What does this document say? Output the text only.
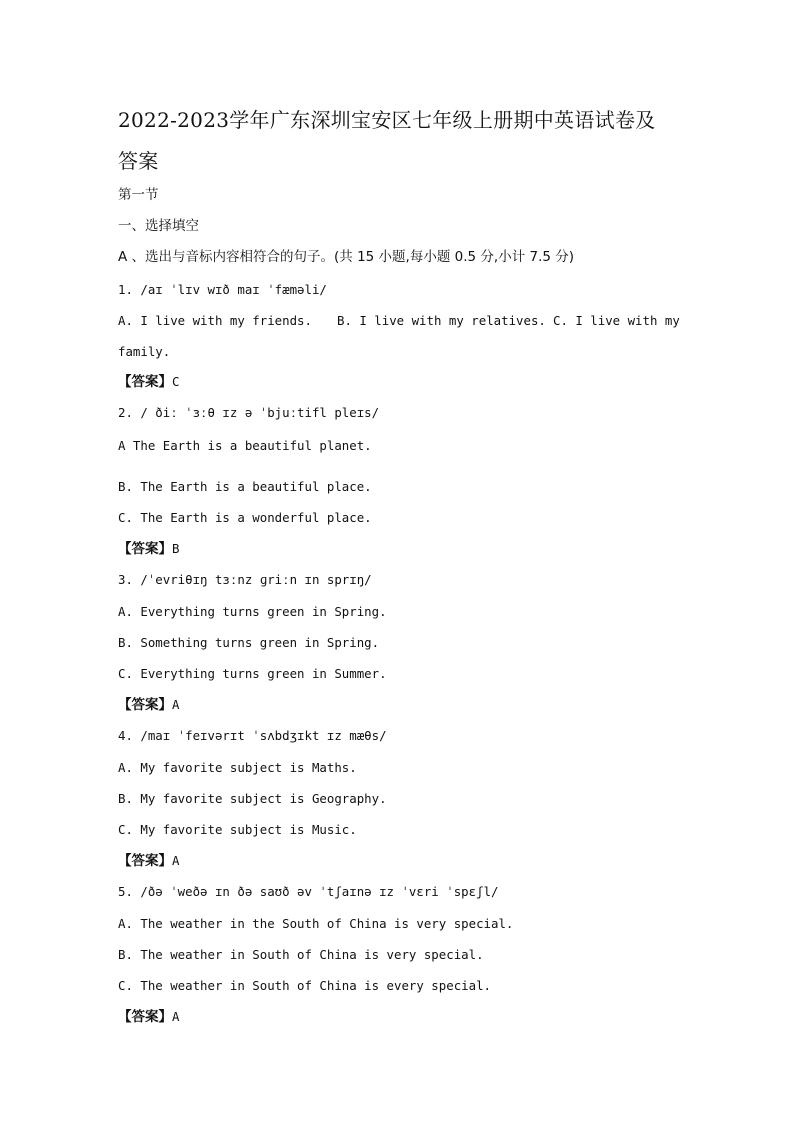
2022-2023学年广东深圳宝安区七年级上册期中英语试卷及
答案
第一节
一、选择填空
A 、选出与音标内容相符合的句子。(共 15 小题,每小题 0.5 分,小计 7.5 分)
1. /aɪ ˈlɪv wɪð maɪ ˈfæməli/
A. I live with my friends. B. I live with my relatives. C. I live with my
family.
【答案】C
2. / ðiː ˈɜːθ ɪz ə ˈbjuːtifl pleɪs/
A The Earth is a beautiful planet.
B. The Earth is a beautiful place.
C. The Earth is a wonderful place.
【答案】B
3. /ˈevriθɪŋ tɜːnz ɡriːn ɪn sprɪŋ/
A. Everything turns green in Spring.
B. Something turns green in Spring.
C. Everything turns green in Summer.
【答案】A
4. /maɪ ˈfeɪvərɪt ˈsʌbdʒɪkt ɪz mæθs/
A. My favorite subject is Maths.
B. My favorite subject is Geography.
C. My favorite subject is Music.
【答案】A
5. /ðə ˈweðə ɪn ðə saʊð əv ˈtʃaɪnə ɪz ˈvɛri ˈspɛʃl/
A. The weather in the South of China is very special.
B. The weather in South of China is very special.
C. The weather in South of China is every special.
【答案】A
